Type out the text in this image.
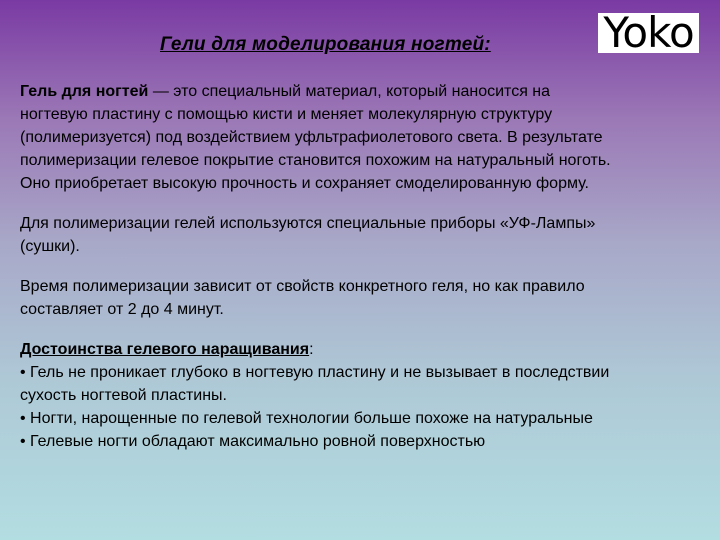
Гели для моделирования ногтей:	Yoko
Гель для ногтей — это специальный материал, который наносится на
ногтевую пластину с помощью кисти и меняет молекулярную структуру
(полимеризуется) под воздействием уфльтрафиолетового света. В результате
полимеризации гелевое покрытие становится похожим на натуральный ноготь.
Оно приобретает высокую прочность и сохраняет смоделированную форму.
Для полимеризации гелей используются специальные приборы «УФ-Лампы»
(сушки).
Время полимеризации зависит от свойств конкретного геля, но как правило
составляет от 2 до 4 минут.
Достоинства гелевого наращивания:
• Гель не проникает глубоко в ногтевую пластину и не вызывает в последствии
сухость ногтевой пластины.
• Ногти, нарощенные по гелевой технологии больше похоже на натуральные
• Гелевые ногти обладают максимально ровной поверхностью
